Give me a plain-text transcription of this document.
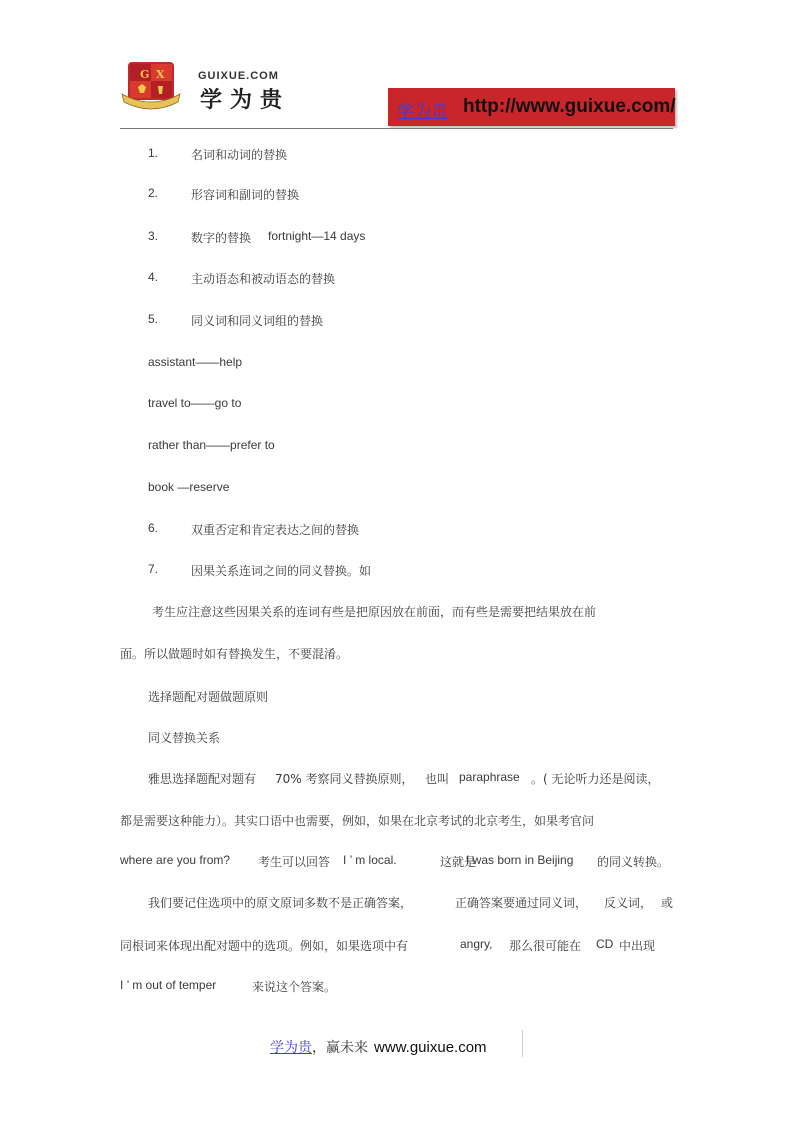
G X	GUIXUE.COM
学为贵	学为贵 http://www.guixue.com/
1.	名词和动词的替换
2.	形容词和副词的替换
3.	数字的替换 fortnight—14 days
4.	主动语态和被动语态的替换
5.	同义词和同义词组的替换
assistant——help
travel to——go to
rather than——prefer to
book —reserve
6.	双重否定和肯定表达之间的替换
7.	因果关系连词之间的同义替换。如
考生应注意这些因果关系的连词有些是把原因放在前面，而有些是需要把结果放在前
面。所以做题时如有替换发生，不要混淆。
选择题配对题做题原则
同义替换关系
雅思选择题配对题有 70% 考察同义替换原则， 也叫 paraphrase 。( 无论听力还是阅读，
都是需要这种能力）。其实口语中也需要，例如，如果在北京考试的北京考生，如果考官问
where are you from? 考生可以回答 I ’ m local.	这就是
I was born in Beijing 的同义转换。
我们要记住选项中的原文原词多数不是正确答案，	正确答案要通过同义词， 反义词， 或
同根词来体现出配对题中的选项。例如，如果选项中有	angry, 那么很可能在 CD 中出现
I ’ m out of temper	来说这个答案。
学为贵，赢未来 www.guixue.com
